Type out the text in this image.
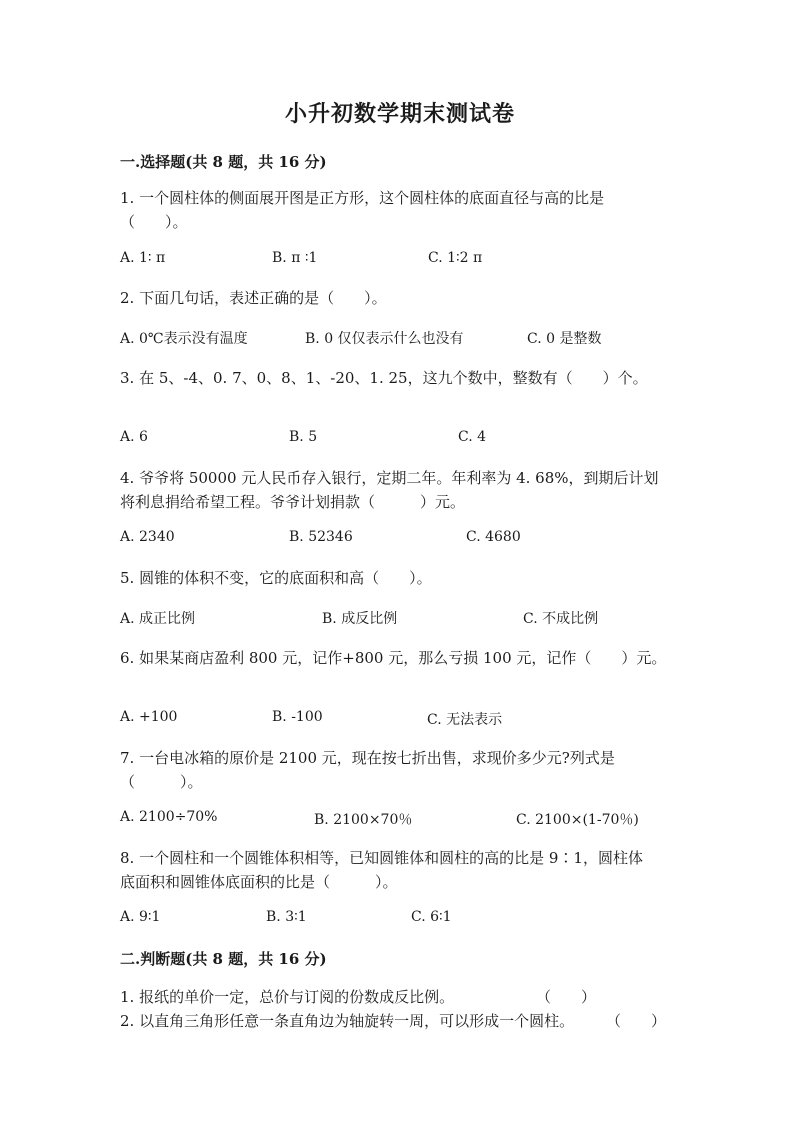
小升初数学期末测试卷
一.选择题(共 8 题，共 16 分)
1. 一个圆柱体的侧面展开图是正方形，这个圆柱体的底面直径与高的比是
（　　）。
A. 1∶ π	B. π ∶1	C. 1∶2 π
2. 下面几句话，表述正确的是（　　）。
A. 0℃表示没有温度	B. 0 仅仅表示什么也没有	C. 0 是整数
3. 在 5、-4、0. 7、0、8、1、-20、1. 25，这九个数中，整数有（　　）个。
A. 6	B. 5	C. 4
4. 爷爷将 50000 元人民币存入银行，定期二年。年利率为 4. 68%，到期后计划
将利息捐给希望工程。爷爷计划捐款（　　　）元。
A. 2340	B. 52346	C. 4680
5. 圆锥的体积不变，它的底面积和高（　　）。
A. 成正比例	B. 成反比例	C. 不成比例
6. 如果某商店盈利 800 元，记作+800 元，那么亏损 100 元，记作（　　）元。
A. +100	B. -100	C. 无法表示
7. 一台电冰箱的原价是 2100 元，现在按七折出售，求现价多少元?列式是
（　　　）。
A. 2100÷70%	B. 2100×70％	C. 2100×(1-70％)
8. 一个圆柱和一个圆锥体积相等，已知圆锥体和圆柱的高的比是 9∶1，圆柱体
底面积和圆锥体底面积的比是（　　　）。
A. 9∶1	B. 3∶1	C. 6∶1
二.判断题(共 8 题，共 16 分)
1. 报纸的单价一定，总价与订阅的份数成反比例。	（　　）
2. 以直角三角形任意一条直角边为轴旋转一周，可以形成一个圆柱。 （　　）
